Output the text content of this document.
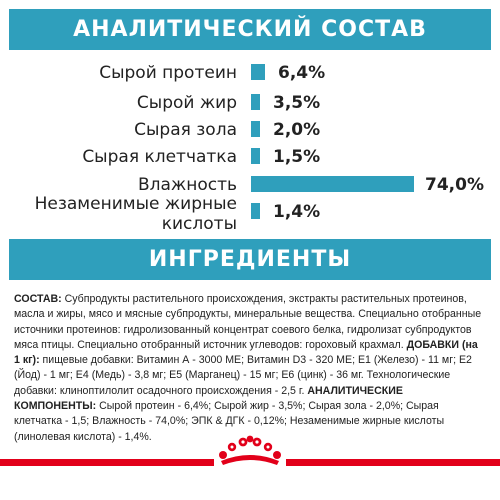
АНАЛИТИЧЕСКИЙ СОСТАВ
Сырой протеин 6,4%
Сырой жир 3,5%
Сырая зола 2,0%
Сырая клетчатка 1,5%
Влажность	74,0%
Незаменимые жирные
кислоты
1,4%
ИНГРЕДИЕНТЫ
СОСТАВ: Субпродукты растительного происхождения, экстракты растительных протеинов, масла и жиры, мясо и мясные субпродукты, минеральные вещества. Специально отобранные источники протеинов: гидролизованный концентрат соевого белка, гидролизат субпродуктов мяса птицы. Специально отобранный источник углеводов: гороховый крахмал. ДОБАВКИ (на 1 кг): пищевые добавки: Витамин А - 3000 МЕ; Витамин D3 - 320 МЕ; Е1 (Железо) - 11 мг; Е2 (Йод) - 1 мг; Е4 (Медь) - 3,8 мг; Е5 (Марганец) - 15 мг; Е6 (цинк) - 36 мг. Технологические добавки: клиноптилолит осадочного происхождения - 2,5 г. АНАЛИТИЧЕСКИЕ КОМПОНЕНТЫ: Сырой протеин - 6,4%; Сырой жир - 3,5%; Сырая зола - 2,0%; Сырая клетчатка - 1,5; Влажность - 74,0%; ЭПК & ДГК - 0,12%; Незаменимые жирные кислоты (линолевая кислота) - 1,4%.
